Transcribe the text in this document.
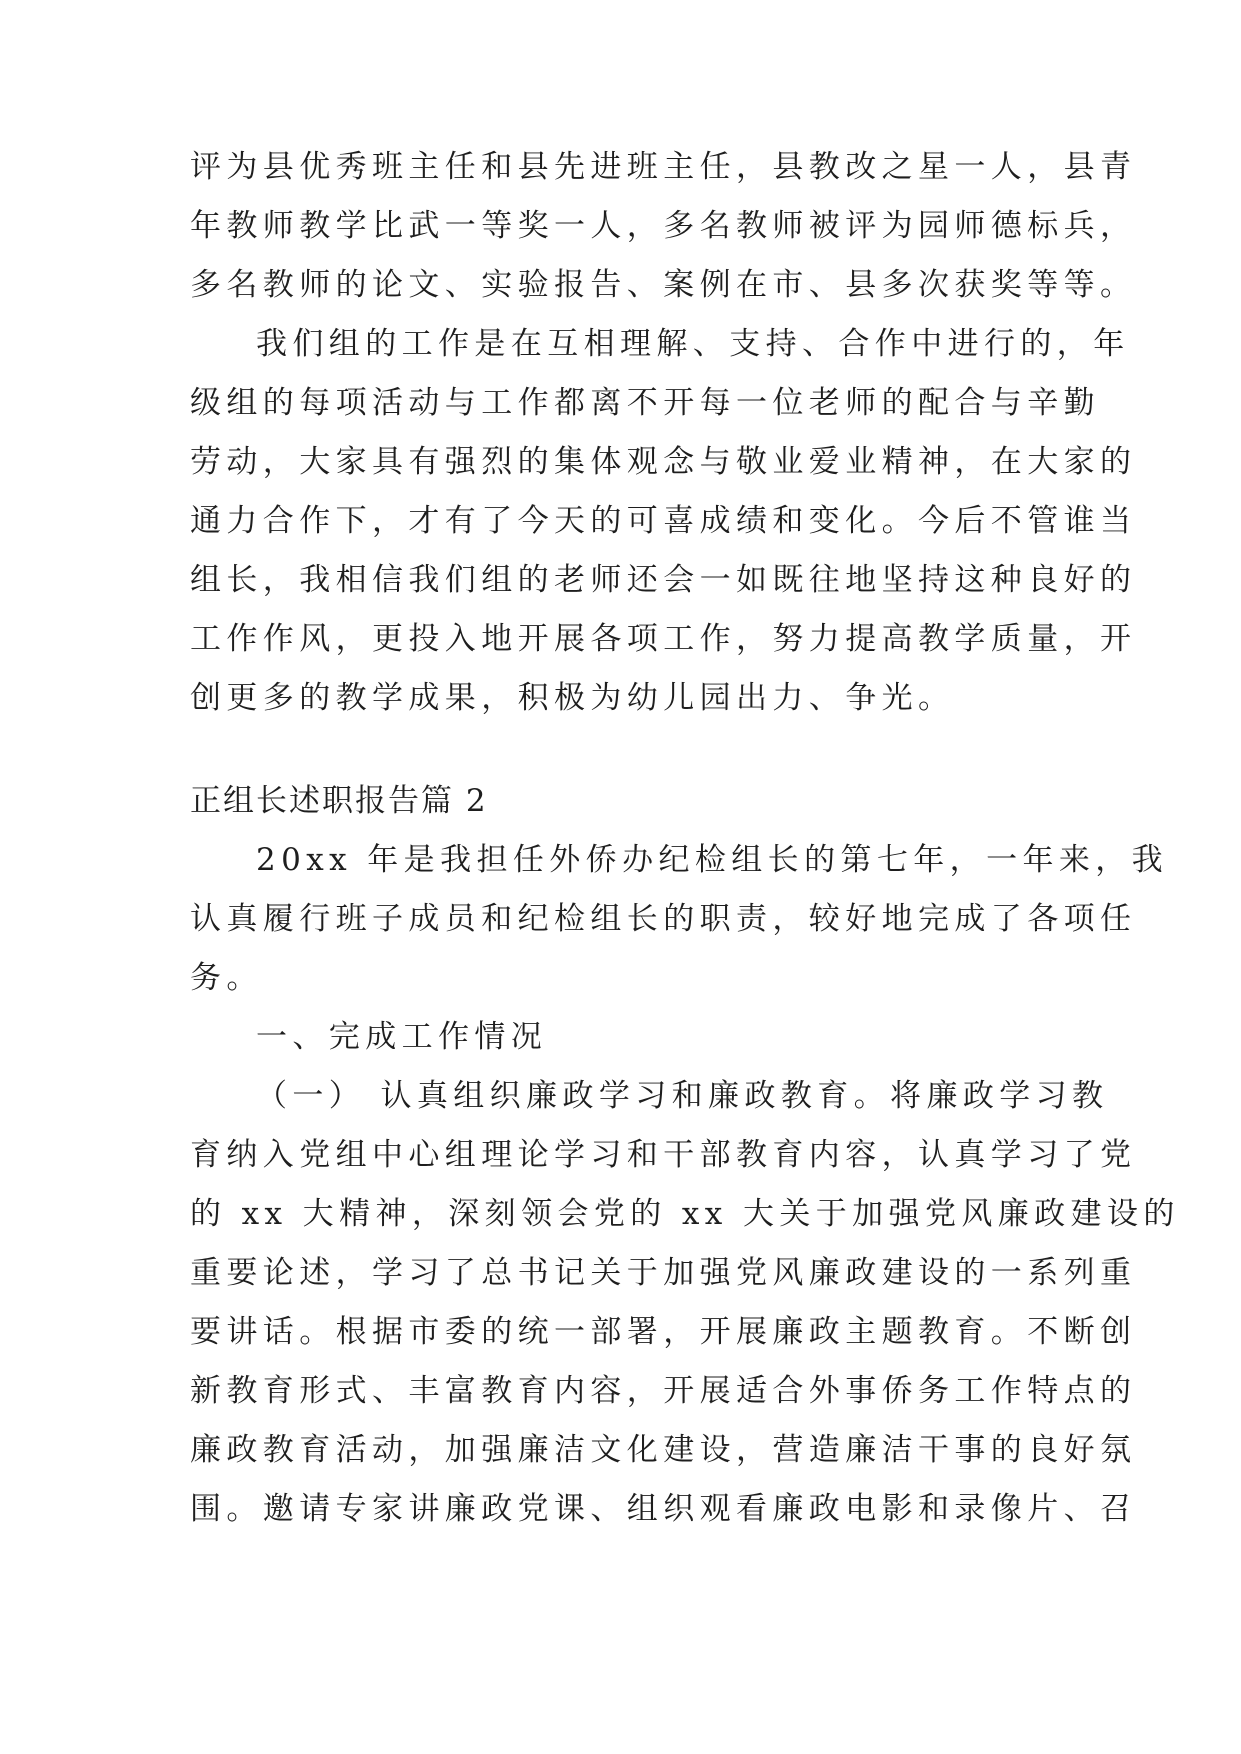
评为县优秀班主任和县先进班主任，县教改之星一人，县青
年教师教学比武一等奖一人，多名教师被评为园师德标兵，
多名教师的论文、实验报告、案例在市、县多次获奖等等。
我们组的工作是在互相理解、支持、合作中进行的，年
级组的每项活动与工作都离不开每一位老师的配合与辛勤
劳动，大家具有强烈的集体观念与敬业爱业精神，在大家的
通力合作下，才有了今天的可喜成绩和变化。今后不管谁当
组长，我相信我们组的老师还会一如既往地坚持这种良好的
工作作风，更投入地开展各项工作，努力提高教学质量，开
创更多的教学成果，积极为幼儿园出力、争光。
正组长述职报告篇 2
20xx 年是我担任外侨办纪检组长的第七年，一年来，我
认真履行班子成员和纪检组长的职责，较好地完成了各项任
务。
一、完成工作情况
（一） 认真组织廉政学习和廉政教育。将廉政学习教
育纳入党组中心组理论学习和干部教育内容，认真学习了党
的 xx 大精神，深刻领会党的 xx 大关于加强党风廉政建设的
重要论述，学习了总书记关于加强党风廉政建设的一系列重
要讲话。根据市委的统一部署，开展廉政主题教育。不断创
新教育形式、丰富教育内容，开展适合外事侨务工作特点的
廉政教育活动，加强廉洁文化建设，营造廉洁干事的良好氛
围。邀请专家讲廉政党课、组织观看廉政电影和录像片、召
